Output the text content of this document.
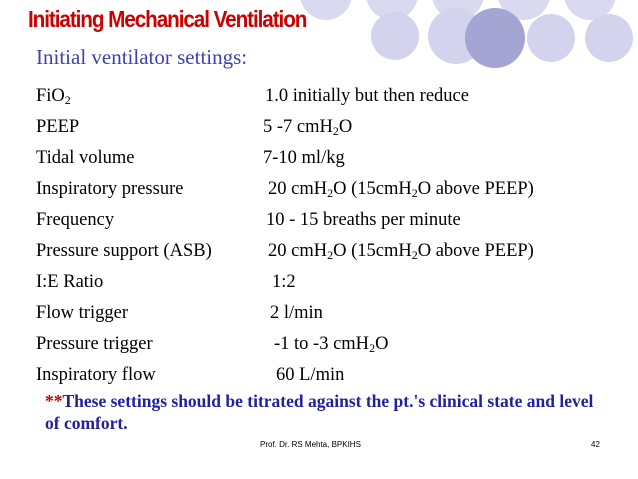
Initiating Mechanical Ventilation
Initial ventilator settings:
FiO$_2$	1.0 initially but then reduce
PEEP	5 -7 cmH$_2$O
Tidal volume	7-10 ml/kg
Inspiratory pressure	20 cmH$_2$O (15cmH$_2$O above PEEP)
Frequency	10 - 15 breaths per minute
Pressure support (ASB)	20 cmH$_2$O (15cmH$_2$O above PEEP)
I:E Ratio	1:2
Flow trigger	2 l/min
Pressure trigger	-1 to -3 cmH$_2$O
Inspiratory flow	60 L/min
**These settings should be titrated against the pt.'s clinical state and level of comfort.
Prof. Dr. RS Mehta, BPKIHS	42
